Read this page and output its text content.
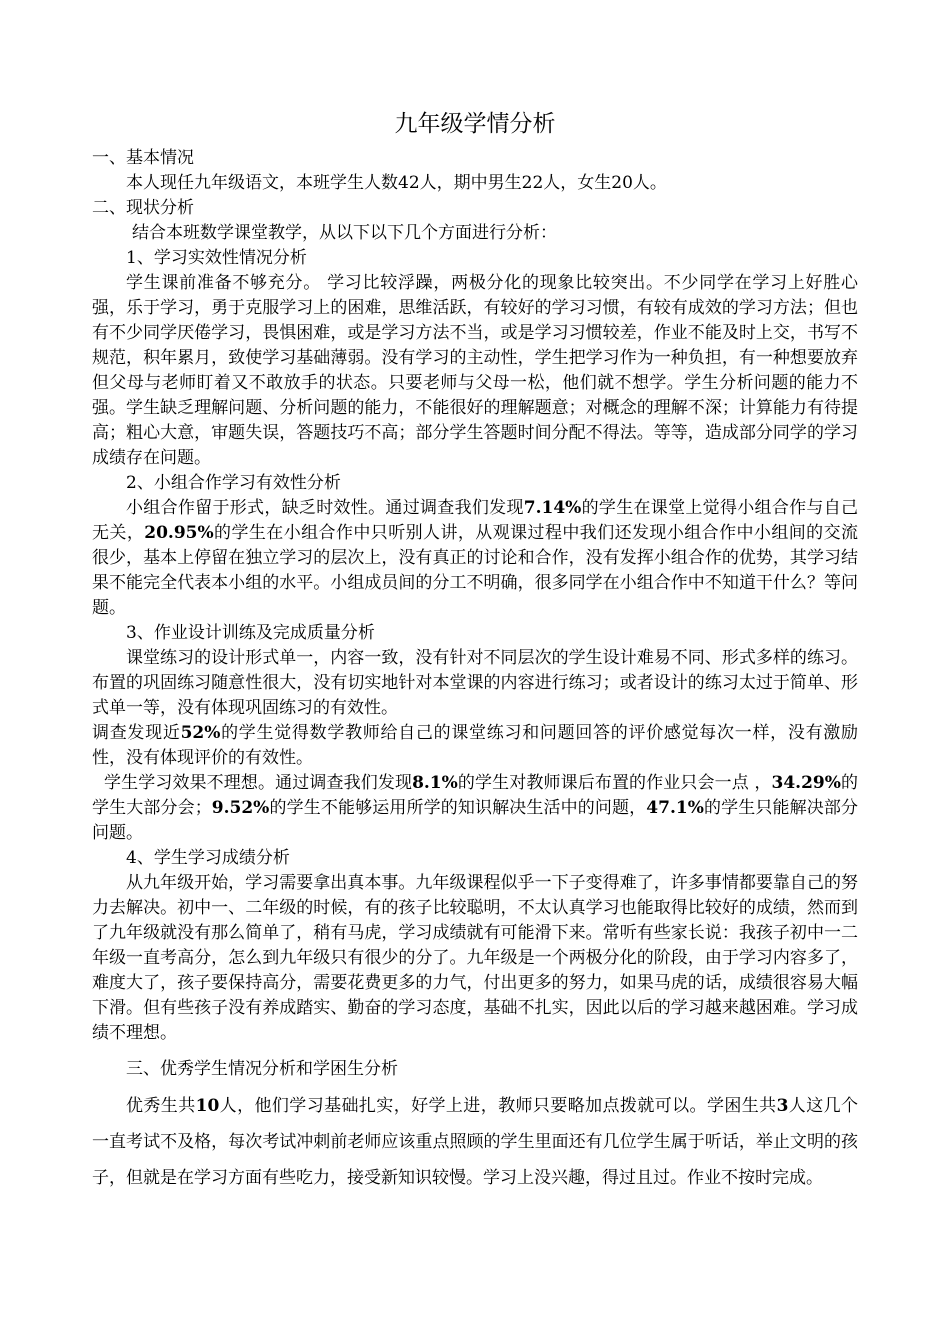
九年级学情分析

一、基本情况

本人现任九年级语文，本班学生人数42人，期中男生22人，女生20人。

二、现状分析

结合本班数学课堂教学，从以下以下几个方面进行分析：

1、学习实效性情况分析

学生课前准备不够充分。 学习比较浮躁，两极分化的现象比较突出。不少同学在学习上好胜心强，乐于学习，勇于克服学习上的困难，思维活跃，有较好的学习习惯，有较有成效的学习方法；但也有不少同学厌倦学习，畏惧困难，或是学习方法不当，或是学习习惯较差，作业不能及时上交，书写不规范，积年累月，致使学习基础薄弱。没有学习的主动性，学生把学习作为一种负担，有一种想要放弃但父母与老师盯着又不敢放手的状态。只要老师与父母一松，他们就不想学。学生分析问题的能力不强。学生缺乏理解问题、分析问题的能力，不能很好的理解题意；对概念的理解不深；计算能力有待提高；粗心大意，审题失误，答题技巧不高；部分学生答题时间分配不得法。等等，造成部分同学的学习成绩存在问题。

2、小组合作学习有效性分析

小组合作留于形式，缺乏时效性。通过调查我们发现7.14%的学生在课堂上觉得小组合作与自己无关，20.95%的学生在小组合作中只听别人讲，从观课过程中我们还发现小组合作中小组间的交流很少，基本上停留在独立学习的层次上，没有真正的讨论和合作，没有发挥小组合作的优势，其学习结果不能完全代表本小组的水平。小组成员间的分工不明确，很多同学在小组合作中不知道干什么？等问题。

3、作业设计训练及完成质量分析

课堂练习的设计形式单一，内容一致，没有针对不同层次的学生设计难易不同、形式多样的练习。布置的巩固练习随意性很大，没有切实地针对本堂课的内容进行练习；或者设计的练习太过于简单、形式单一等，没有体现巩固练习的有效性。

调查发现近52%的学生觉得数学教师给自己的课堂练习和问题回答的评价感觉每次一样，没有激励性，没有体现评价的有效性。

学生学习效果不理想。通过调查我们发现8.1%的学生对教师课后布置的作业只会一点 ，34.29%的学生大部分会；9.52%的学生不能够运用所学的知识解决生活中的问题，47.1%的学生只能解决部分问题。

4、学生学习成绩分析

从九年级开始，学习需要拿出真本事。九年级课程似乎一下子变得难了，许多事情都要靠自己的努力去解决。初中一、二年级的时候，有的孩子比较聪明，不太认真学习也能取得比较好的成绩，然而到了九年级就没有那么简单了，稍有马虎，学习成绩就有可能滑下来。常听有些家长说：我孩子初中一二年级一直考高分，怎么到九年级只有很少的分了。九年级是一个两极分化的阶段，由于学习内容多了，难度大了，孩子要保持高分，需要花费更多的力气，付出更多的努力，如果马虎的话，成绩很容易大幅下滑。但有些孩子没有养成踏实、勤奋的学习态度，基础不扎实，因此以后的学习越来越困难。学习成绩不理想。

三、优秀学生情况分析和学困生分析

优秀生共10人，他们学习基础扎实，好学上进，教师只要略加点拨就可以。学困生共3人这几个一直考试不及格，每次考试冲刺前老师应该重点照顾的学生里面还有几位学生属于听话，举止文明的孩子，但就是在学习方面有些吃力，接受新知识较慢。学习上没兴趣，得过且过。作业不按时完成。
